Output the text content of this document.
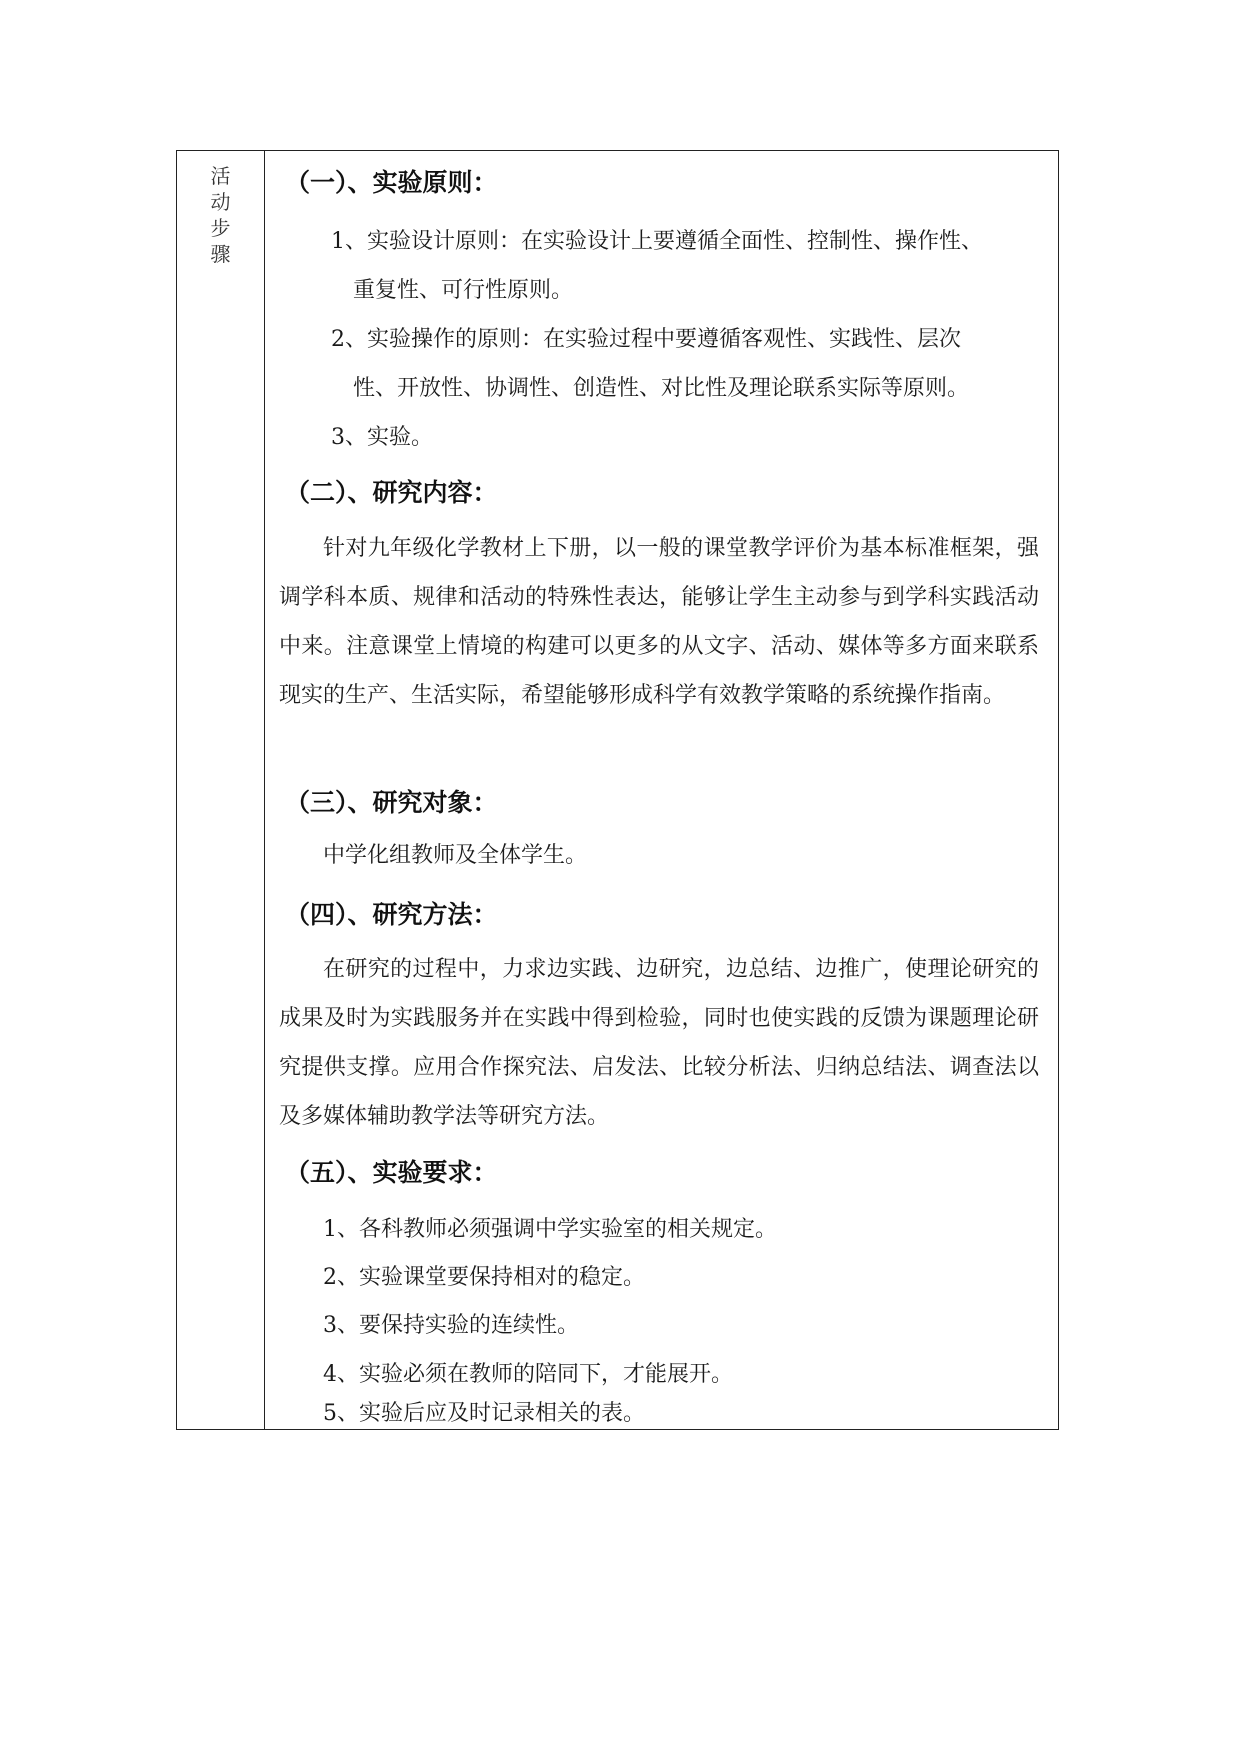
活动步骤
（一）、实验原则：
1、实验设计原则：在实验设计上要遵循全面性、控制性、操作性、
重复性、可行性原则。
2、实验操作的原则：在实验过程中要遵循客观性、实践性、层次
性、开放性、协调性、创造性、对比性及理论联系实际等原则。
3、实验。
（二）、研究内容：
针对九年级化学教材上下册，以一般的课堂教学评价为基本标准框架，强调学科本质、规律和活动的特殊性表达，能够让学生主动参与到学科实践活动中来。注意课堂上情境的构建可以更多的从文字、活动、媒体等多方面来联系现实的生产、生活实际，希望能够形成科学有效教学策略的系统操作指南。
（三）、研究对象：
中学化组教师及全体学生。
（四）、研究方法：
在研究的过程中，力求边实践、边研究，边总结、边推广，使理论研究的成果及时为实践服务并在实践中得到检验，同时也使实践的反馈为课题理论研究提供支撑。应用合作探究法、启发法、比较分析法、归纳总结法、调查法以及多媒体辅助教学法等研究方法。
（五）、实验要求：
1、各科教师必须强调中学实验室的相关规定。
2、实验课堂要保持相对的稳定。
3、要保持实验的连续性。
4、实验必须在教师的陪同下，才能展开。
5、实验后应及时记录相关的表。
